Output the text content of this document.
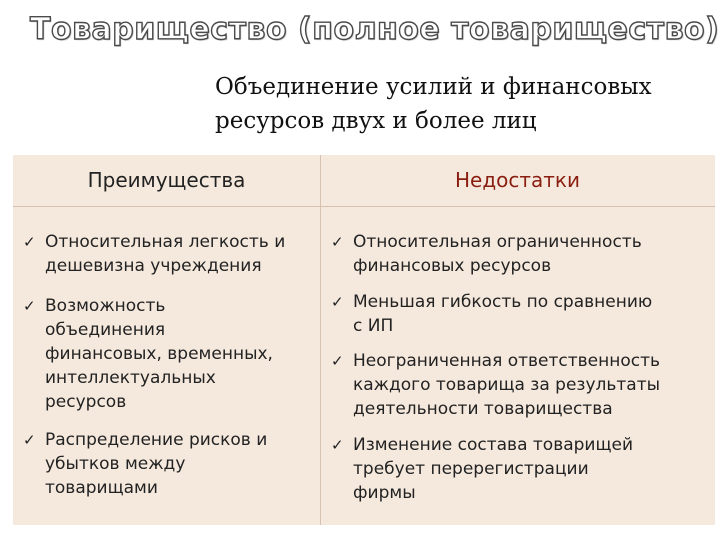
Товарищество (полное товарищество)
Объединение усилий и финансовых ресурсов двух и более лиц
Преимущества	Недостатки
✓ Относительная легкость и
дешевизна учреждения
✓ Возможность
объединения
финансовых, временных,
интеллектуальных
ресурсов
✓ Распределение рисков и
убытков между
товарищами
✓ Относительная ограниченность
финансовых ресурсов
✓ Меньшая гибкость по сравнению
с ИП
✓ Неограниченная ответственность
каждого товарища за результаты
деятельности товарищества
✓ Изменение состава товарищей
требует перерегистрации
фирмы
